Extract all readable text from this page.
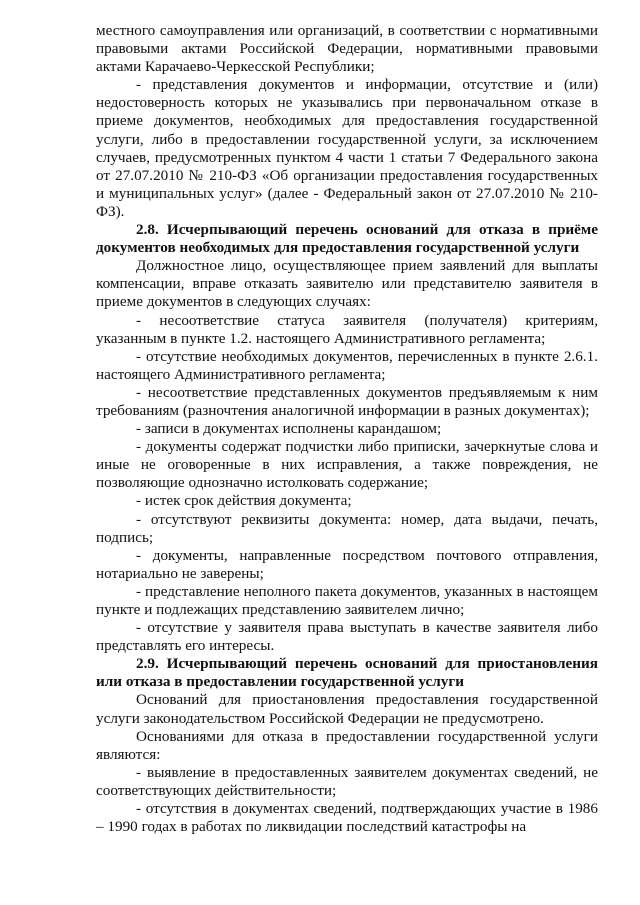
местного самоуправления или организаций, в соответствии с нормативными правовыми актами Российской Федерации, нормативными правовыми актами Карачаево-Черкесской Республики;

- представления документов и информации, отсутствие и (или) недостоверность которых не указывались при первоначальном отказе в приеме документов, необходимых для предоставления государственной услуги, либо в предоставлении государственной услуги, за исключением случаев, предусмотренных пунктом 4 части 1 статьи 7 Федерального закона от 27.07.2010 № 210-ФЗ «Об организации предоставления государственных и муниципальных услуг» (далее - Федеральный закон от 27.07.2010 № 210-ФЗ).

2.8. Исчерпывающий перечень оснований для отказа в приёме документов необходимых для предоставления государственной услуги

Должностное лицо, осуществляющее прием заявлений для выплаты компенсации, вправе отказать заявителю или представителю заявителя в приеме документов в следующих случаях:

- несоответствие статуса заявителя (получателя) критериям, указанным в пункте 1.2. настоящего Административного регламента;

- отсутствие необходимых документов, перечисленных в пункте 2.6.1. настоящего Административного регламента;

- несоответствие представленных документов предъявляемым к ним требованиям (разночтения аналогичной информации в разных документах);

- записи в документах исполнены карандашом;

- документы содержат подчистки либо приписки, зачеркнутые слова и иные не оговоренные в них исправления, а также повреждения, не позволяющие однозначно истолковать содержание;

- истек срок действия документа;

- отсутствуют реквизиты документа: номер, дата выдачи, печать, подпись;

- документы, направленные посредством почтового отправления, нотариально не заверены;

- представление неполного пакета документов, указанных в настоящем пункте и подлежащих представлению заявителем лично;

- отсутствие у заявителя права выступать в качестве заявителя либо представлять его интересы.

2.9. Исчерпывающий перечень оснований для приостановления или отказа в предоставлении государственной услуги

Оснований для приостановления предоставления государственной услуги законодательством Российской Федерации не предусмотрено.

Основаниями для отказа в предоставлении государственной услуги являются:

- выявление в предоставленных заявителем документах сведений, не соответствующих действительности;

- отсутствия в документах сведений, подтверждающих участие в 1986 – 1990 годах в работах по ликвидации последствий катастрофы на
